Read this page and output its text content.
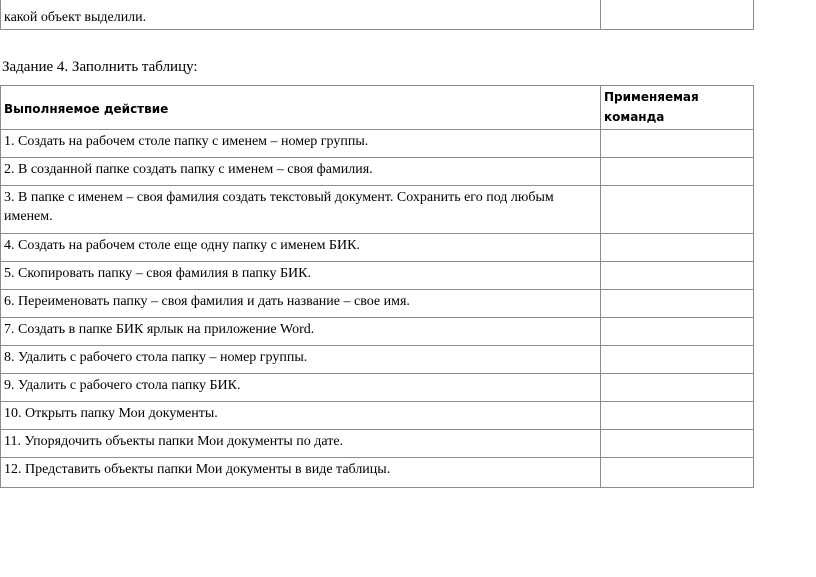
какой объект выделили.	

Задание 4. Заполнить таблицу:

Выполняемое действие	Применяемая команда
1. Создать на рабочем столе папку с именем – номер группы.	
2. В созданной папке создать папку с именем – своя фамилия.	
3. В папке с именем – своя фамилия создать текстовый документ. Сохранить его под любым именем.	
4. Создать на рабочем столе еще одну папку с именем БИК.	
5. Скопировать папку – своя фамилия в папку БИК.	
6. Переименовать папку – своя фамилия и дать название – свое имя.	
7. Создать в папке БИК ярлык на приложение Word.	
8. Удалить с рабочего стола папку – номер группы.	
9. Удалить с рабочего стола папку БИК.	
10. Открыть папку Мои документы.	
11. Упорядочить объекты папки Мои документы по дате.	
12. Представить объекты папки Мои документы в виде таблицы.	
